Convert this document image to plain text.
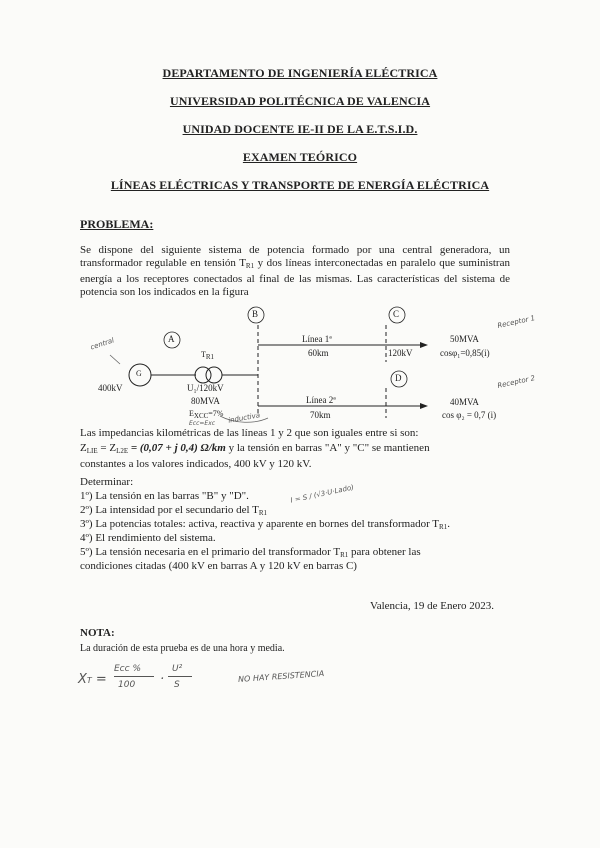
DEPARTAMENTO DE INGENIERÍA ELÉCTRICA
UNIVERSIDAD POLITÉCNICA DE VALENCIA
UNIDAD DOCENTE IE-II DE LA E.T.S.I.D.
EXAMEN TEÓRICO
LÍNEAS ELÉCTRICAS Y TRANSPORTE DE ENERGÍA ELÉCTRICA
PROBLEMA:
Se dispone del siguiente sistema de potencia formado por una central generadora, un transformador regulable en tensión $T_{R1}$ y dos líneas interconectadas en paralelo que suministran energía a los receptores conectados al final de las mismas. Las características del sistema de potencia son los indicados en la figura
A
G
400kV
central
TR1
U₁/120kV
80MVA
EXCC=7%
Ecc=Exc inductiva
B	C
D
Línea 1ª
60km	120kV
Línea 2ª
70km
50MVA
cosφ₁=0,85(i)
40MVA
cos φ₂ = 0,7 (i)
Receptor 1
Receptor 2
Las impedancias kilométricas de las líneas 1 y 2 que son iguales entre si son:
$Z_{LIE} = Z_{L2E} = (0,07 + j$ 0,4) Ω/km y la tensión en barras "A" y "C" se mantienen
constantes a los valores indicados, 400 kV y 120 kV.
Determinar:
1º) La tensión en las barras "B" y "D".
2º) La intensidad por el secundario del $T_{R1}$
I = S / (√3·U·Lado)
3º) La potencias totales: activa, reactiva y aparente en bornes del transformador $T_{R1}$.
4º) El rendimiento del sistema.
5º) La tensión necesaria en el primario del transformador $T_{R1}$ para obtener las
condiciones citadas (400 kV en barras A y 120 kV en barras C)
Valencia, 19 de Enero 2023.
NOTA:
La duración de esta prueba es de una hora y media.
XT =
Ecc %
100 ·
U²
S
NO HAY RESISTENCIA
